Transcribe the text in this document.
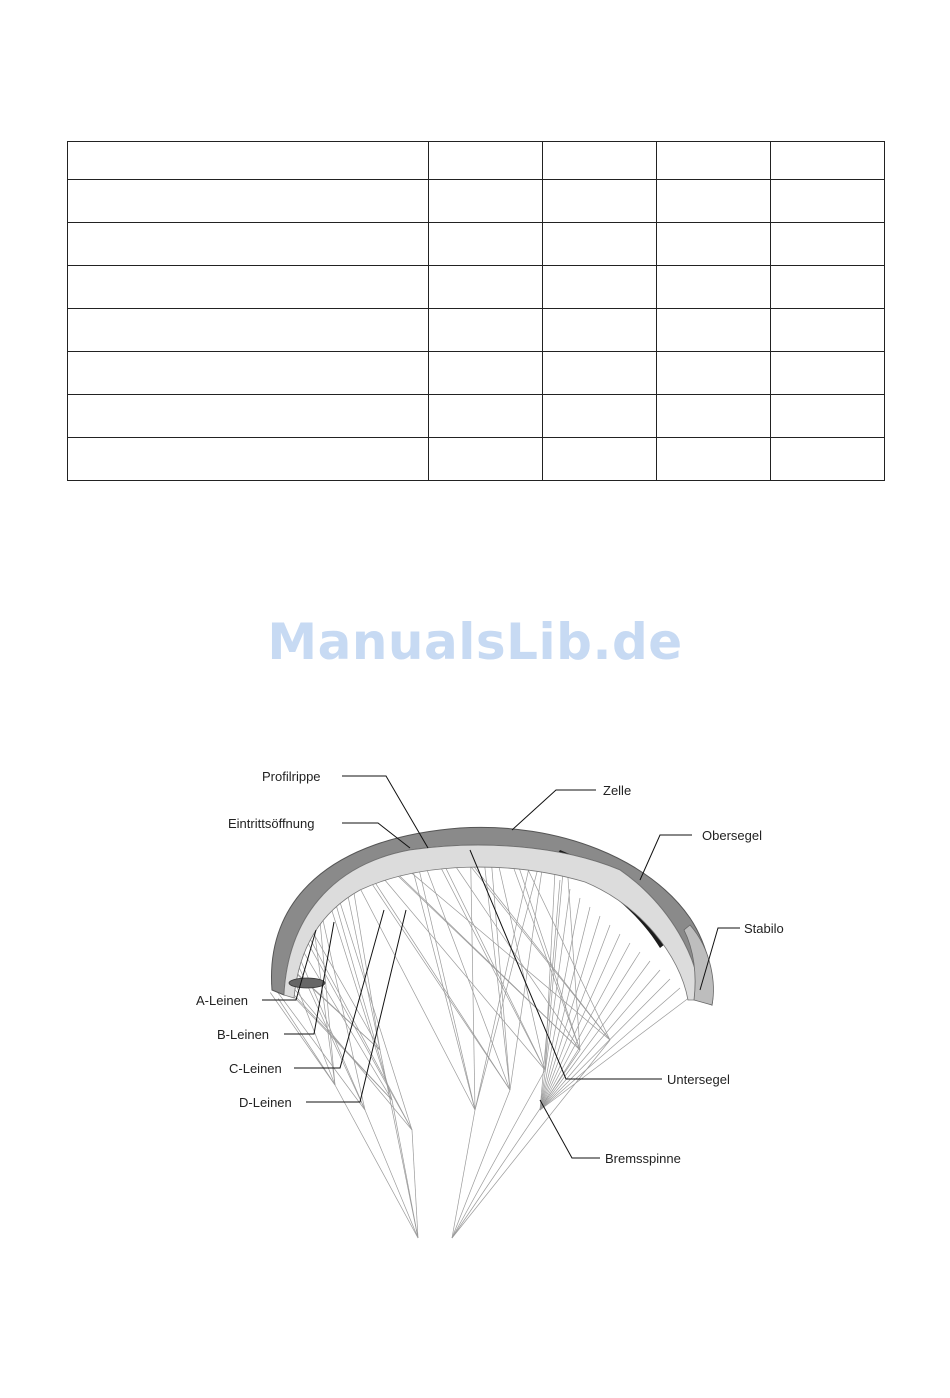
ManualsLib.de
Profilrippe
Eintrittsöffnung
Zelle
Obersegel
Stabilo
A-Leinen
B-Leinen
C-Leinen
D-Leinen
Untersegel
Bremsspinne
